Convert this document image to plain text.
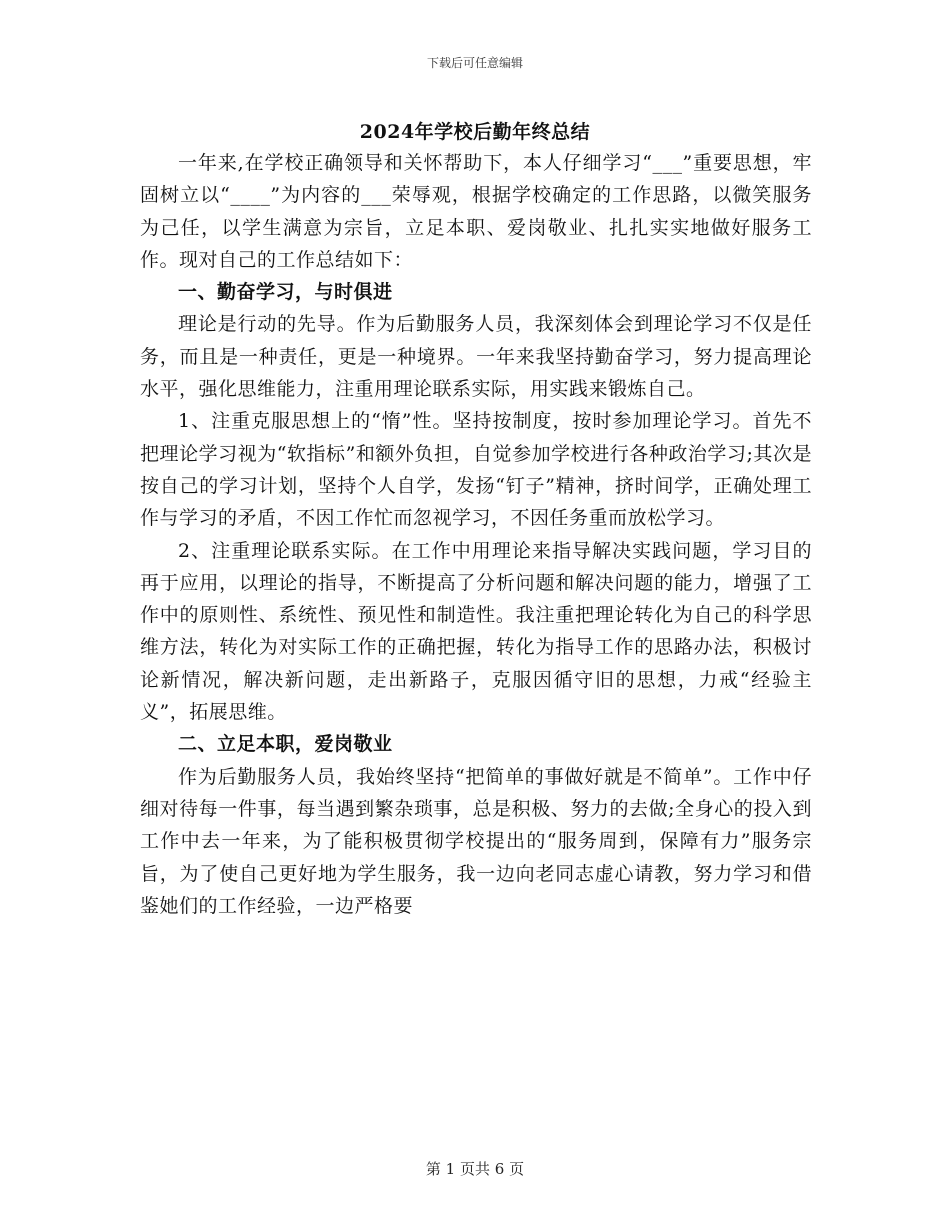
下载后可任意编辑
2024年学校后勤年终总结

一年来,在学校正确领导和关怀帮助下，本人仔细学习“___”重要思想，牢固树立以“____”为内容的___荣辱观，根据学校确定的工作思路，以微笑服务为己任，以学生满意为宗旨，立足本职、爱岗敬业、扎扎实实地做好服务工作。现对自己的工作总结如下：

一、勤奋学习，与时俱进

理论是行动的先导。作为后勤服务人员，我深刻体会到理论学习不仅是任务，而且是一种责任，更是一种境界。一年来我坚持勤奋学习，努力提高理论水平，强化思维能力，注重用理论联系实际，用实践来锻炼自己。

1、注重克服思想上的“惰”性。坚持按制度，按时参加理论学习。首先不把理论学习视为“软指标”和额外负担，自觉参加学校进行各种政治学习;其次是按自己的学习计划，坚持个人自学，发扬“钉子”精神，挤时间学，正确处理工作与学习的矛盾，不因工作忙而忽视学习，不因任务重而放松学习。

2、注重理论联系实际。在工作中用理论来指导解决实践问题，学习目的再于应用，以理论的指导，不断提高了分析问题和解决问题的能力，增强了工作中的原则性、系统性、预见性和制造性。我注重把理论转化为自己的科学思维方法，转化为对实际工作的正确把握，转化为指导工作的思路办法，积极讨论新情况，解决新问题，走出新路子，克服因循守旧的思想，力戒“经验主义”，拓展思维。

二、立足本职，爱岗敬业

作为后勤服务人员，我始终坚持“把简单的事做好就是不简单”。工作中仔细对待每一件事，每当遇到繁杂琐事，总是积极、努力的去做;全身心的投入到工作中去一年来，为了能积极贯彻学校提出的“服务周到，保障有力”服务宗旨，为了使自己更好地为学生服务，我一边向老同志虚心请教，努力学习和借鉴她们的工作经验，一边严格要

第 1 页共 6 页
